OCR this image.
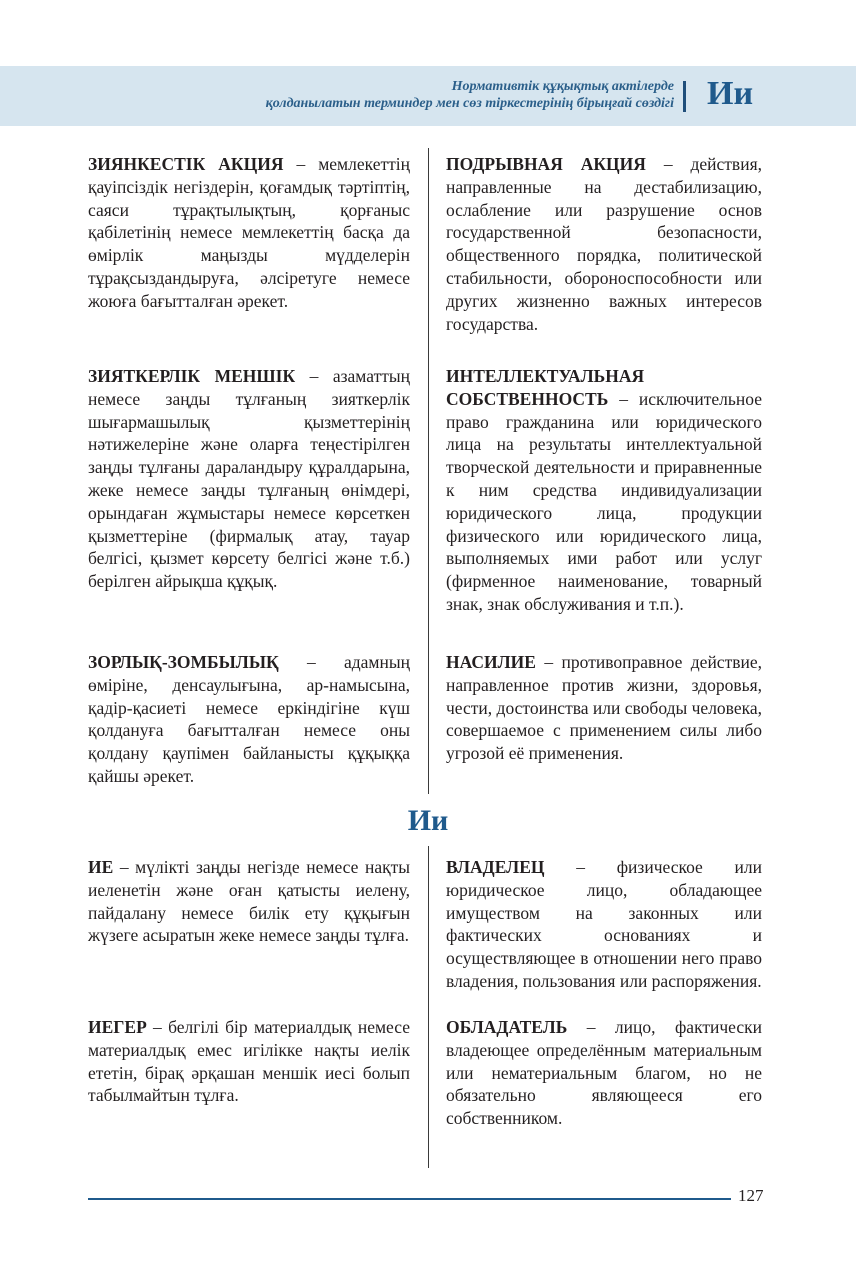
Нормативтік құқықтық актілерде
қолданылатын терминдер мен сөз тіркестерінің бірыңғай сөздігі Ии
ЗИЯНКЕСТІК АКЦИЯ – мемлекеттің қауіпсіздік негіздерін, қоғамдық тәртіптің, саяси тұрақтылықтың, қорғаныс қабілетінің немесе мемлекеттің басқа да өмірлік маңызды мүдделерін тұрақсыздандыруға, әлсіретуге немесе жоюға бағытталған әрекет.
ПОДРЫВНАЯ АКЦИЯ – действия, направленные на дестабилизацию, ослабление или разрушение основ государственной безопасности, общественного порядка, политической стабильности, обороноспособности или других жизненно важных интересов государства.
ЗИЯТКЕРЛІК МЕНШІК – азаматтың немесе заңды тұлғаның зияткерлік шығармашылық қызметтерінің нәтижелеріне және оларға теңестірілген заңды тұлғаны дараландыру құралдарына, жеке немесе заңды тұлғаның өнімдері, орындаған жұмыстары немесе көрсеткен қызметтеріне (фирмалық атау, тауар белгісі, қызмет көрсету белгісі және т.б.) берілген айрықша құқық.
ИНТЕЛЛЕКТУАЛЬНАЯ СОБСТВЕННОСТЬ – исключительное право гражданина или юридического лица на результаты интеллектуальной творческой деятельности и приравненные к ним средства индивидуализации юридического лица, продукции физического или юридического лица, выполняемых ими работ или услуг (фирменное наименование, товарный знак, знак обслуживания и т.п.).
ЗОРЛЫҚ-ЗОМБЫЛЫҚ – адамның өміріне, денсаулығына, ар-намысына, қадір-қасиеті немесе еркіндігіне күш қолдануға бағытталған немесе оны қолдану қаупімен байланысты құқыққа қайшы әрекет.
НАСИЛИЕ – противоправное действие, направленное против жизни, здоровья, чести, достоинства или свободы человека, совершаемое с применением силы либо угрозой её применения.
Ии
ИЕ – мүлікті заңды негізде немесе нақты иеленетін және оған қатысты иелену, пайдалану немесе билік ету құқығын жүзеге асыратын жеке немесе заңды тұлға.
ВЛАДЕЛЕЦ – физическое или юридическое лицо, обладающее имуществом на законных или фактических основаниях и осуществляющее в отношении него право владения, пользования или распоряжения.
ИЕГЕР – белгілі бір материалдық немесе материалдық емес игілікке нақты иелік ететін, бірақ әрқашан меншік иесі болып табылмайтын тұлға.
ОБЛАДАТЕЛЬ – лицо, фактически владеющее определённым материальным или нематериальным благом, но не обязательно являющееся его собственником.
127
